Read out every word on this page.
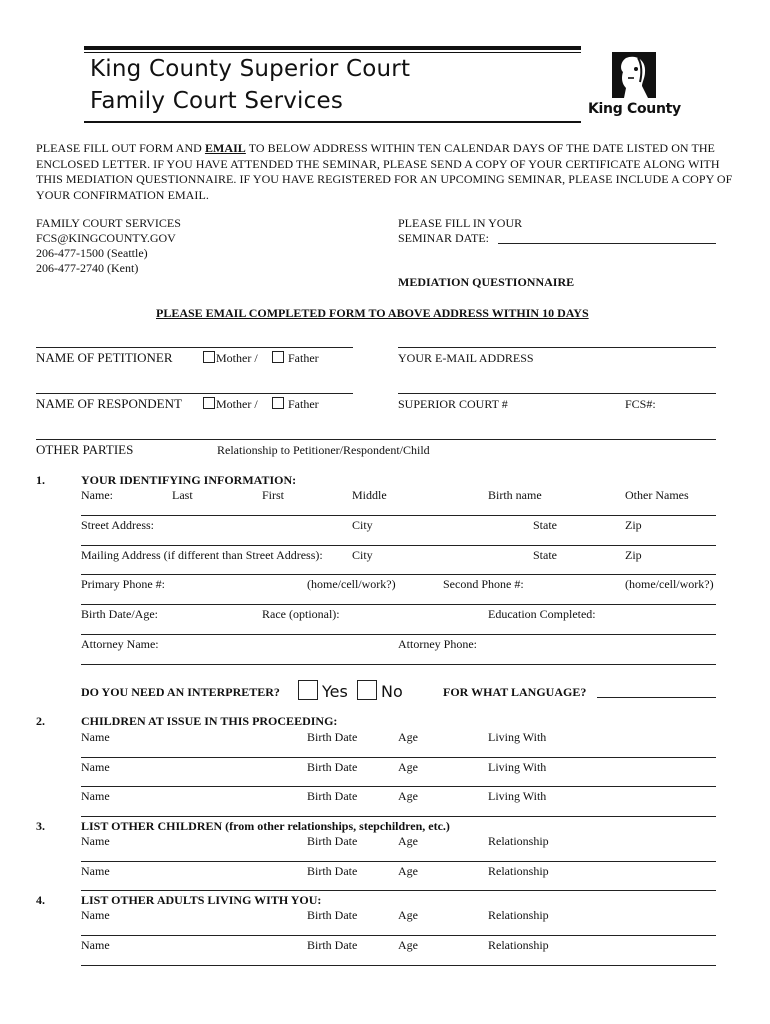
King County Superior Court
Family Court Services	King County
PLEASE FILL OUT FORM AND EMAIL TO BELOW ADDRESS WITHIN TEN CALENDAR DAYS OF THE DATE LISTED ON THE ENCLOSED LETTER. IF YOU HAVE ATTENDED THE SEMINAR, PLEASE SEND A COPY OF YOUR CERTIFICATE ALONG WITH THIS MEDIATION QUESTIONNAIRE. IF YOU HAVE REGISTERED FOR AN UPCOMING SEMINAR, PLEASE INCLUDE A COPY OF YOUR CONFIRMATION EMAIL.
FAMILY COURT SERVICES
FCS@KINGCOUNTY.GOV
206-477-1500 (Seattle)
206-477-2740 (Kent)
PLEASE FILL IN YOUR
SEMINAR DATE:
MEDIATION QUESTIONNAIRE
PLEASE EMAIL COMPLETED FORM TO ABOVE ADDRESS WITHIN 10 DAYS
NAME OF PETITIONER	Mother /	Father	YOUR E-MAIL ADDRESS
NAME OF RESPONDENT	Mother /	Father	SUPERIOR COURT #	FCS#:
OTHER PARTIES	Relationship to Petitioner/Respondent/Child
1.	YOUR IDENTIFYING INFORMATION:
Name:	Last	First	Middle	Birth name	Other Names
Street Address:	City	State	Zip
Mailing Address (if different than Street Address): City	State	Zip
Primary Phone #:	(home/cell/work?)	Second Phone #:	(home/cell/work?)
Birth Date/Age:	Race (optional):	Education Completed:
Attorney Name:	Attorney Phone:
DO YOU NEED AN INTERPRETER?	Yes No	FOR WHAT LANGUAGE?
2.	CHILDREN AT ISSUE IN THIS PROCEEDING:
Name	Birth Date	Age	Living With
Name	Birth Date	Age	Living With
Name	Birth Date	Age	Living With
3.	LIST OTHER CHILDREN (from other relationships, stepchildren, etc.)
Name	Birth Date	Age	Relationship
Name	Birth Date	Age	Relationship
4.	LIST OTHER ADULTS LIVING WITH YOU:
Name	Birth Date	Age	Relationship
Name	Birth Date	Age	Relationship
